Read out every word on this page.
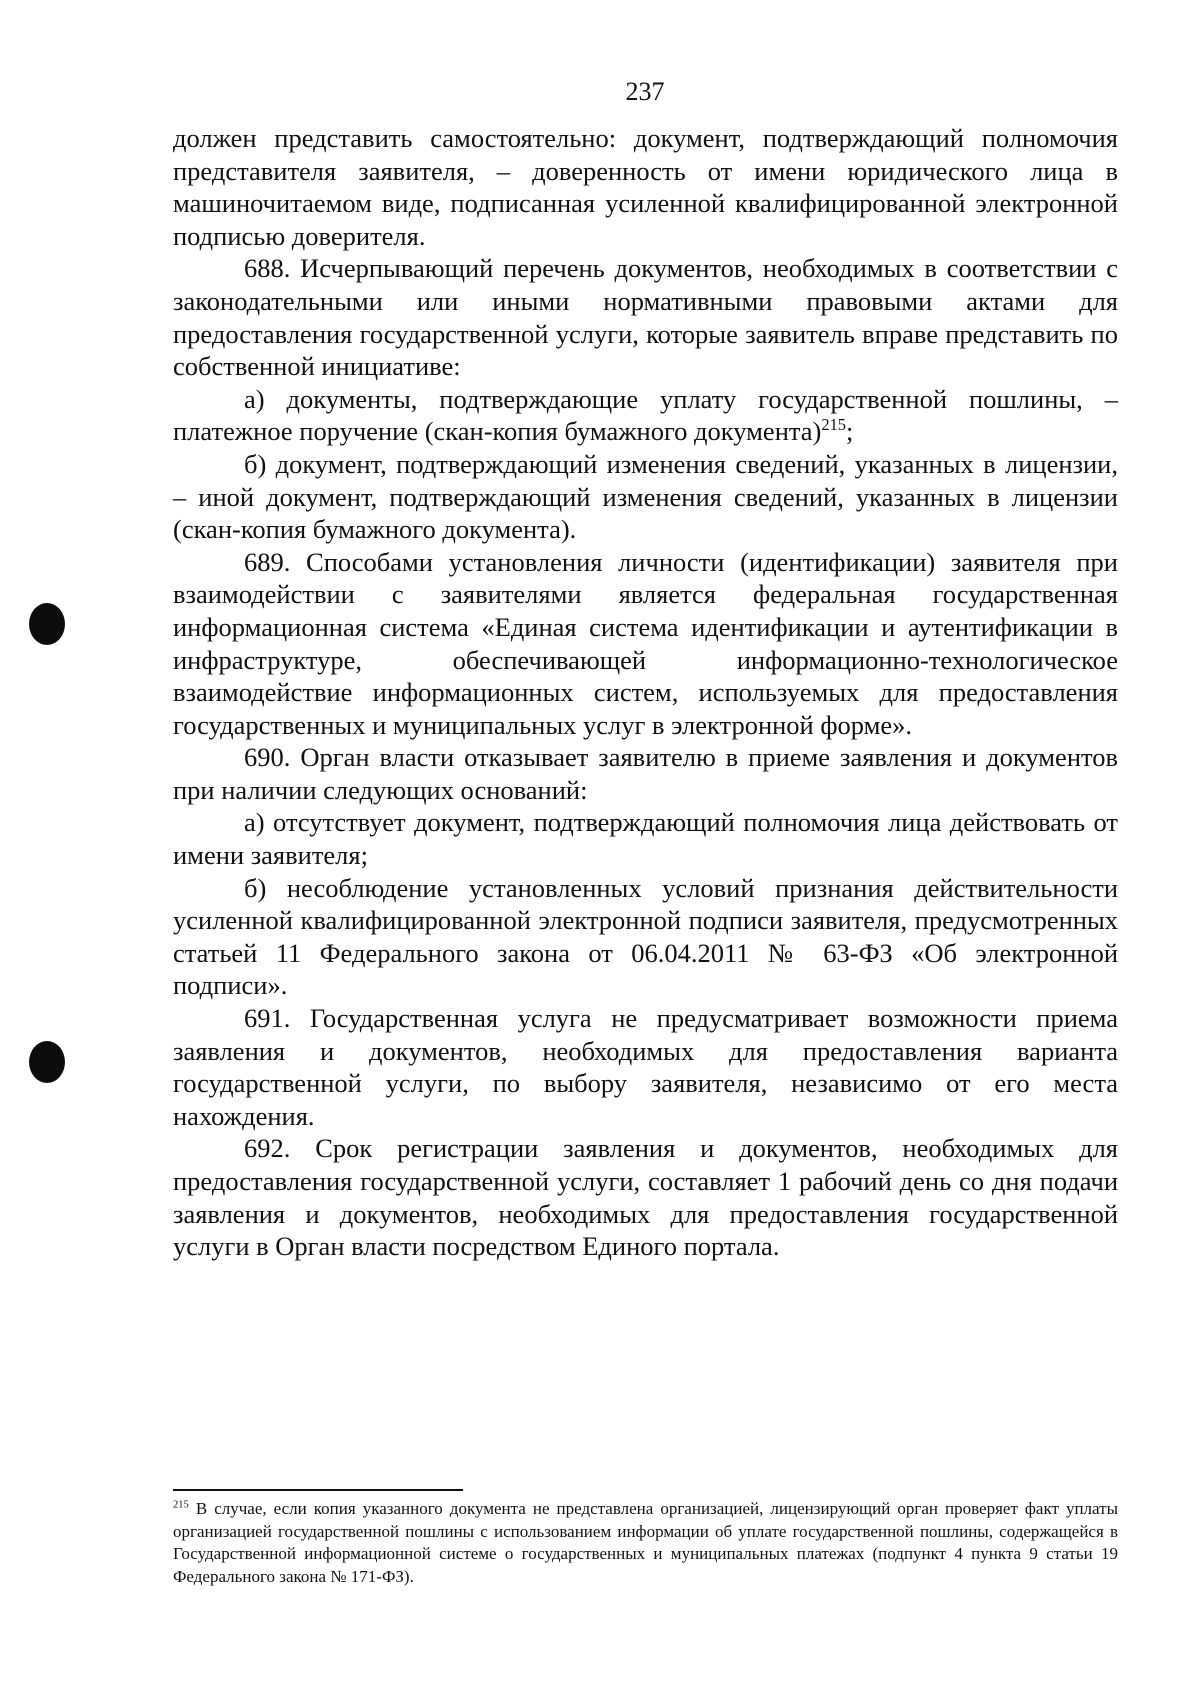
237

должен представить самостоятельно: документ, подтверждающий полномочия представителя заявителя, – доверенность от имени юридического лица в машиночитаемом виде, подписанная усиленной квалифицированной электронной подписью доверителя.

688. Исчерпывающий перечень документов, необходимых в соответствии с законодательными или иными нормативными правовыми актами для предоставления государственной услуги, которые заявитель вправе представить по собственной инициативе:

а) документы, подтверждающие уплату государственной пошлины, – платежное поручение (скан-копия бумажного документа)$^{215}$;

б) документ, подтверждающий изменения сведений, указанных в лицензии, – иной документ, подтверждающий изменения сведений, указанных в лицензии (скан-копия бумажного документа).

689. Способами установления личности (идентификации) заявителя при взаимодействии с заявителями является федеральная государственная информационная система «Единая система идентификации и аутентификации в инфраструктуре, обеспечивающей информационно-технологическое взаимодействие информационных систем, используемых для предоставления государственных и муниципальных услуг в электронной форме».

690. Орган власти отказывает заявителю в приеме заявления и документов при наличии следующих оснований:

а) отсутствует документ, подтверждающий полномочия лица действовать от имени заявителя;

б) несоблюдение установленных условий признания действительности усиленной квалифицированной электронной подписи заявителя, предусмотренных статьей 11 Федерального закона от 06.04.2011 № 63-ФЗ «Об электронной подписи».

691. Государственная услуга не предусматривает возможности приема заявления и документов, необходимых для предоставления варианта государственной услуги, по выбору заявителя, независимо от его места нахождения.

692. Срок регистрации заявления и документов, необходимых для предоставления государственной услуги, составляет 1 рабочий день со дня подачи заявления и документов, необходимых для предоставления государственной услуги в Орган власти посредством Единого портала.

$^{215}$ В случае, если копия указанного документа не представлена организацией, лицензирующий орган проверяет факт уплаты организацией государственной пошлины с использованием информации об уплате государственной пошлины, содержащейся в Государственной информационной системе о государственных и муниципальных платежах (подпункт 4 пункта 9 статьи 19 Федерального закона № 171-ФЗ).
